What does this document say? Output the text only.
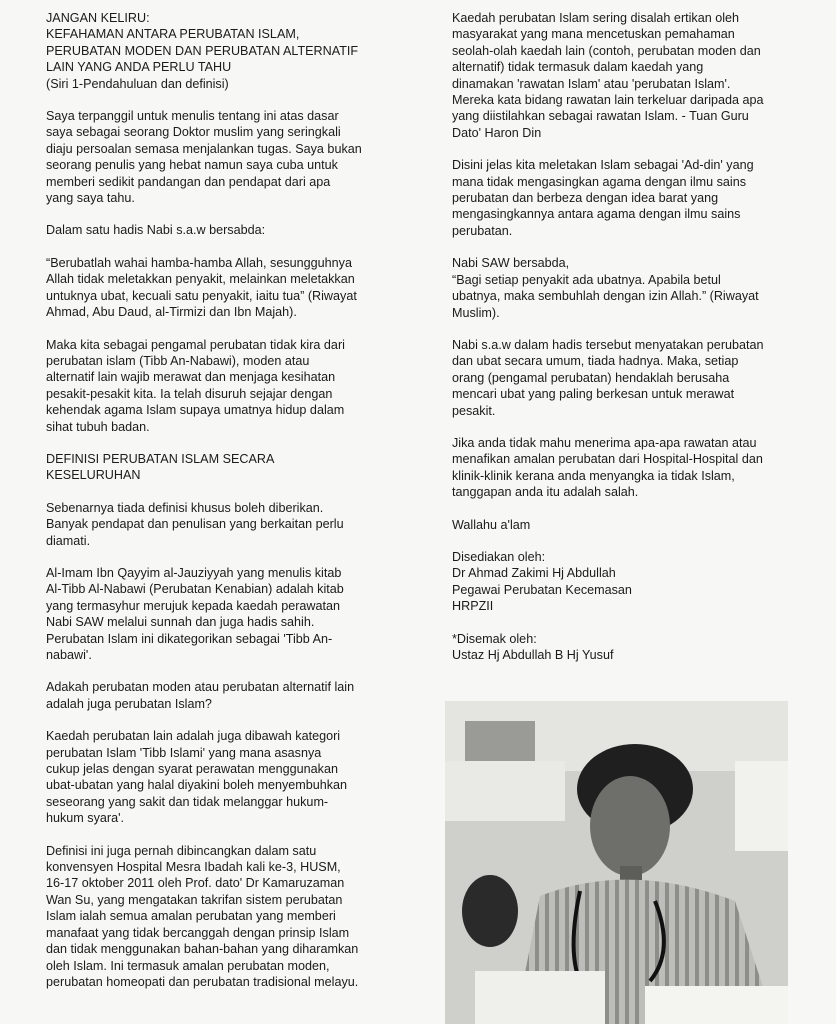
JANGAN KELIRU:
KEFAHAMAN ANTARA PERUBATAN ISLAM,
PERUBATAN MODEN DAN PERUBATAN ALTERNATIF
LAIN YANG ANDA PERLU TAHU
(Siri 1-Pendahuluan dan definisi)

Saya terpanggil untuk menulis tentang ini atas dasar
saya sebagai seorang Doktor muslim yang seringkali
diaju persoalan semasa menjalankan tugas. Saya bukan
seorang penulis yang hebat namun saya cuba untuk
memberi sedikit pandangan dan pendapat dari apa
yang saya tahu.

Dalam satu hadis Nabi s.a.w bersabda:

“Berubatlah wahai hamba-hamba Allah, sesungguhnya
Allah tidak meletakkan penyakit, melainkan meletakkan
untuknya ubat, kecuali satu penyakit, iaitu tua” (Riwayat
Ahmad, Abu Daud, al-Tirmizi dan Ibn Majah).

Maka kita sebagai pengamal perubatan tidak kira dari
perubatan islam (Tibb An-Nabawi), moden atau
alternatif lain wajib merawat dan menjaga kesihatan
pesakit-pesakit kita. Ia telah disuruh sejajar dengan
kehendak agama Islam supaya umatnya hidup dalam
sihat tubuh badan.

DEFINISI PERUBATAN ISLAM SECARA
KESELURUHAN

Sebenarnya tiada definisi khusus boleh diberikan.
Banyak pendapat dan penulisan yang berkaitan perlu
diamati.

Al-Imam Ibn Qayyim al-Jauziyyah yang menulis kitab
Al-Tibb Al-Nabawi (Perubatan Kenabian) adalah kitab
yang termasyhur merujuk kepada kaedah perawatan
Nabi SAW melalui sunnah dan juga hadis sahih.
Perubatan Islam ini dikategorikan sebagai 'Tibb An-
nabawi'.

Adakah perubatan moden atau perubatan alternatif lain
adalah juga perubatan Islam?

Kaedah perubatan lain adalah juga dibawah kategori
perubatan Islam 'Tibb Islami' yang mana asasnya
cukup jelas dengan syarat perawatan menggunakan
ubat-ubatan yang halal diyakini boleh menyembuhkan
seseorang yang sakit dan tidak melanggar hukum-
hukum syara'.

Definisi ini juga pernah dibincangkan dalam satu
konvensyen Hospital Mesra Ibadah kali ke-3, HUSM,
16-17 oktober 2011 oleh Prof. dato' Dr Kamaruzaman
Wan Su, yang mengatakan takrifan sistem perubatan
Islam ialah semua amalan perubatan yang memberi
manafaat yang tidak bercanggah dengan prinsip Islam
dan tidak menggunakan bahan-bahan yang diharamkan
oleh Islam. Ini termasuk amalan perubatan moden,
perubatan homeopati dan perubatan tradisional melayu.

Kaedah perubatan Islam sering disalah ertikan oleh
masyarakat yang mana mencetuskan pemahaman
seolah-olah kaedah lain (contoh, perubatan moden dan
alternatif) tidak termasuk dalam kaedah yang
dinamakan 'rawatan Islam' atau 'perubatan Islam'.
Mereka kata bidang rawatan lain terkeluar daripada apa
yang diistilahkan sebagai rawatan Islam. - Tuan Guru
Dato' Haron Din

Disini jelas kita meletakan Islam sebagai 'Ad-din' yang
mana tidak mengasingkan agama dengan ilmu sains
perubatan dan berbeza dengan idea barat yang
mengasingkannya antara agama dengan ilmu sains
perubatan.

Nabi SAW bersabda,
“Bagi setiap penyakit ada ubatnya. Apabila betul
ubatnya, maka sembuhlah dengan izin Allah.” (Riwayat
Muslim).

Nabi s.a.w dalam hadis tersebut menyatakan perubatan
dan ubat secara umum, tiada hadnya. Maka, setiap
orang (pengamal perubatan) hendaklah berusaha
mencari ubat yang paling berkesan untuk merawat
pesakit.

Jika anda tidak mahu menerima apa-apa rawatan atau
menafikan amalan perubatan dari Hospital-Hospital dan
klinik-klinik kerana anda menyangka ia tidak Islam,
tanggapan anda itu adalah salah.

Wallahu a'lam

Disediakan oleh:
Dr Ahmad Zakimi Hj Abdullah
Pegawai Perubatan Kecemasan
HRPZII

*Disemak oleh:
Ustaz Hj Abdullah B Hj Yusuf
